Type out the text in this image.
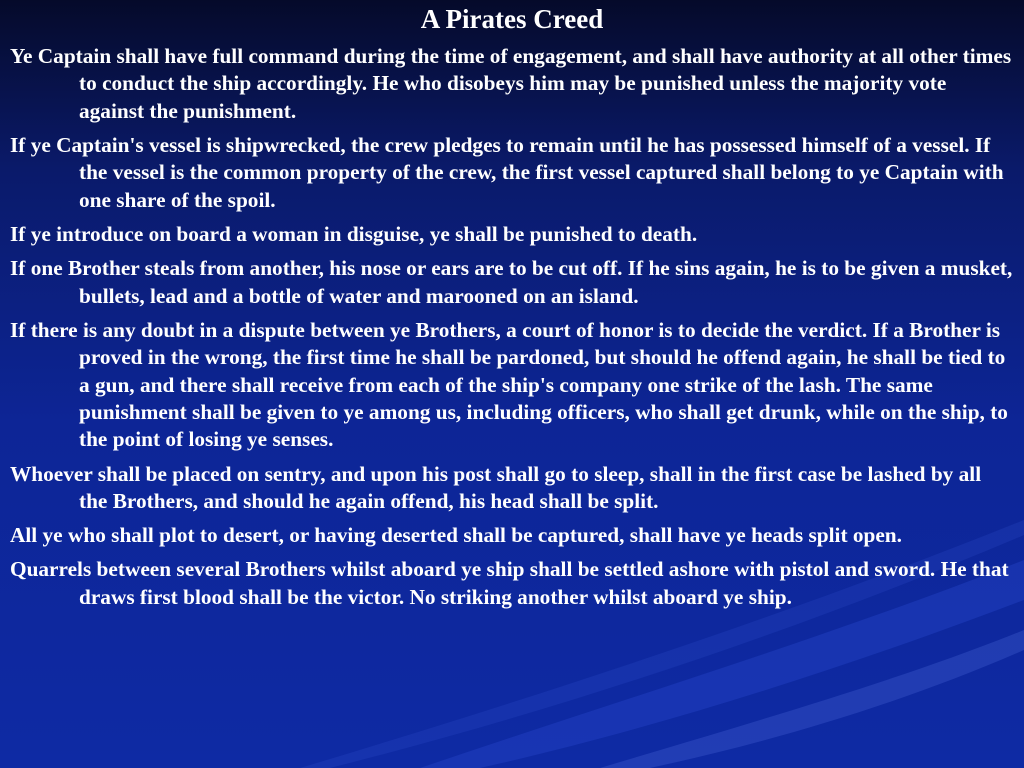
A Pirates Creed
Ye Captain shall have full command during the time of engagement, and shall have authority at all other times to conduct the ship accordingly. He who disobeys him may be punished unless the majority vote against the punishment.
If ye Captain's vessel is shipwrecked, the crew pledges to remain until he has possessed himself of a vessel. If the vessel is the common property of the crew, the first vessel captured shall belong to ye Captain with one share of the spoil.
If ye introduce on board a woman in disguise, ye shall be punished to death.
If one Brother steals from another, his nose or ears are to be cut off. If he sins again, he is to be given a musket, bullets, lead and a bottle of water and marooned on an island.
If there is any doubt in a dispute between ye Brothers, a court of honor is to decide the verdict. If a Brother is proved in the wrong, the first time he shall be pardoned, but should he offend again, he shall be tied to a gun, and there shall receive from each of the ship's company one strike of the lash. The same punishment shall be given to ye among us, including officers, who shall get drunk, while on the ship, to the point of losing ye senses.
Whoever shall be placed on sentry, and upon his post shall go to sleep, shall in the first case be lashed by all the Brothers, and should he again offend, his head shall be split.
All ye who shall plot to desert, or having deserted shall be captured, shall have ye heads split open.
Quarrels between several Brothers whilst aboard ye ship shall be settled ashore with pistol and sword. He that draws first blood shall be the victor. No striking another whilst aboard ye ship.
